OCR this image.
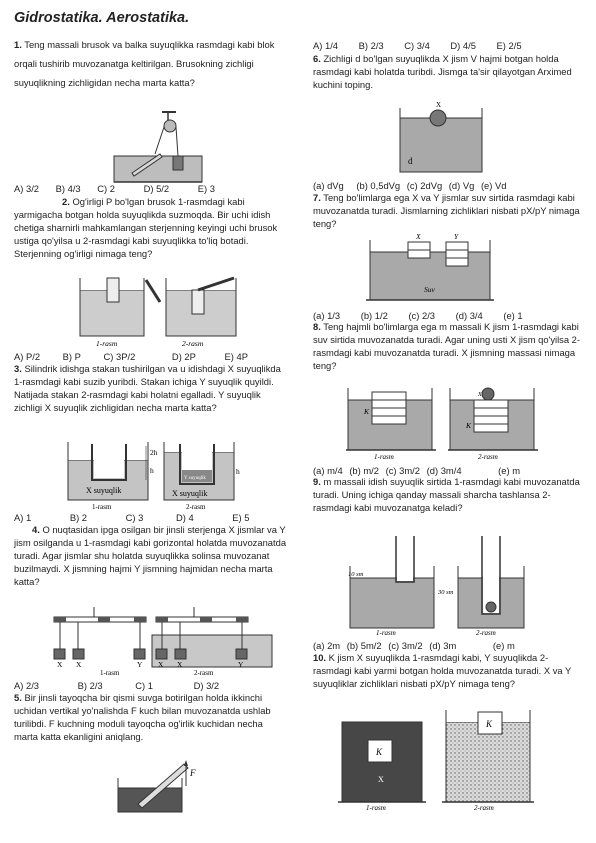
Gidrostatika. Aerostatika.

1. Teng massali brusok va balka suyuqlikka rasmdagi kabi blok orqali tushirib muvozanatga keltirilgan. Brusokning zichligi suyuqlikning zichligidan necha marta katta?

A) 3/2 B) 4/3 C) 2	D) 5/2	E) 3

2. Og'irligi P bo'lgan brusok 1-rasmdagi kabi yarmigacha botgan holda suyuqlikda suzmoqda. Bir uchi idish chetiga sharnirli mahkamlangan sterjenning keyingi uchi brusok ustiga qo'yilsa u 2-rasmdagi kabi suyuqlikka to'liq botadi. Sterjenning og'irligi nimaga teng?

1-rasm	2-rasm
A) P/2 B) P C) 3P/2	D) 2P	E) 4P

3. Silindrik idishga stakan tushirilgan va u idishdagi X suyuqlikda 1-rasmdagi kabi suzib yuribdi. Stakan ichiga Y suyuqlik quyildi. Natijada stakan 2-rasmdagi kabi holatni egalladi. Y suyuqlik zichligi X suyuqlik zichligidan necha marta katta?

2h
h
X suyuqlik
1-rasm
Y suyuqlik
h
X suyuqlik
2-rasm
A) 1	B) 2	C) 3	D) 4	E) 5

4. O nuqtasidan ipga osilgan bir jinsli sterjenga X jismlar va Y jism osilganda u 1-rasmdagi kabi gorizontal holatda muvozanatda turadi. Agar jismlar shu holatda suyuqlikka solinsa muvozanat buzilmaydi. X jismning hajmi Y jismning hajmidan necha marta katta?

X X	Y
1-rasm
X X	Y
2-rasm
A) 2/3	B) 2/3	C) 1	D) 3/2

5. Bir jinsli tayoqcha bir qismi suvga botirilgan holda ikkinchi uchidan vertikal yo'nalishda F kuch bilan muvozanatda ushlab turilibdi. F kuchning moduli tayoqcha og'irlik kuchidan necha marta katta ekanligini aniqlang.

F
A) 1/4 B) 2/3 C) 3/4 D) 4/5 E) 2/5

6. Zichligi d bo'lgan suyuqlikda X jism V hajmi botgan holda rasmdagi kabi holatda turibdi. Jismga ta'sir qilayotgan Arximed kuchini toping.

X
d
(a) dVg (b) 0,5dVg (c) 2dVg (d) Vg (e) Vd

7. Teng bo'limlarga ega X va Y jismlar suv sirtida rasmdagi kabi muvozanatda turadi. Jismlarning zichliklari nisbati pX/pY nimaga teng?

X	Y
Suv
(a) 1/3 (b) 1/2 (c) 2/3 (d) 3/4 (e) 1

8. Teng hajmli bo'limlarga ega m massali K jism 1-rasmdagi kabi suv sirtida muvozanatda turadi. Agar uning usti X jism qo'yilsa 2-rasmdagi kabi muvozanatda turadi. X jismning massasi nimaga teng?

K
1-rasm
X
K
2-rasm
(a) m/4 (b) m/2 (c) 3m/2 (d) 3m/4	(e) m

9. m massali idish suyuqlik sirtida 1-rasmdagi kabi muvozanatda turadi. Uning ichiga qanday massali sharcha tashlansa 2-rasmdagi kabi muvozanatga keladi?

10 sm
1-rasm
30 sm
2-rasm
(a) 2m (b) 5m/2 (c) 3m/2 (d) 3m	(e) m

10. K jism X suyuqlikda 1-rasmdagi kabi, Y suyuqlikda 2-rasmdagi kabi yarmi botgan holda muvozanatda turadi. X va Y suyuqliklar zichliklari nisbati pX/pY nimaga teng?

K
X
1-rasm
K
2-rasm
